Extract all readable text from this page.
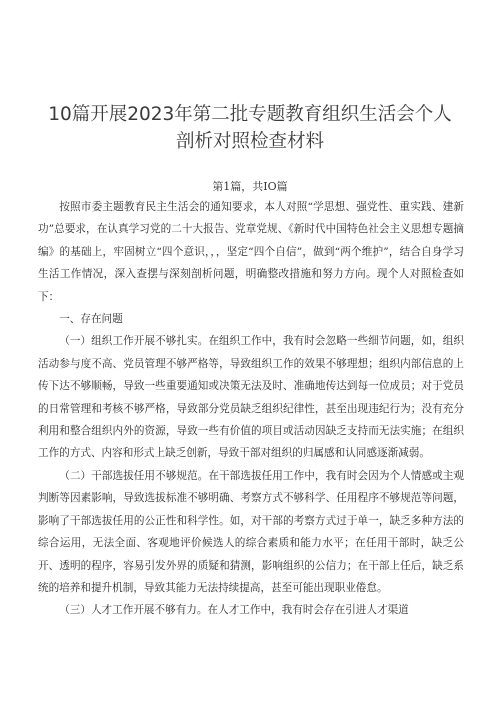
10篇开展2023年第二批专题教育组织生活会个人
剖析对照检查材料
第1篇，共IO篇

按照市委主题教育民主生活会的通知要求，本人对照“学思想、强党性、重实践、建新功”总要求，在认真学习党的二十大报告、党章党规、《新时代中国特色社会主义思想专题摘编》的基础上，牢固树立“四个意识，，，坚定“四个自信”，做到“两个维护”，结合自身学习生活工作情况，深入查摆与深刻剖析问题，明确整改措施和努力方向。现个人对照检查如下：

一、存在问题

（一）组织工作开展不够扎实。在组织工作中，我有时会忽略一些细节问题，如，组织活动参与度不高、党员管理不够严格等，导致组织工作的效果不够理想；组织内部信息的上传下达不够顺畅，导致一些重要通知或决策无法及时、准确地传达到每一位成员；对于党员的日常管理和考核不够严格，导致部分党员缺乏组织纪律性，甚至出现违纪行为；没有充分利用和整合组织内外的资源，导致一些有价值的项目或活动因缺乏支持而无法实施；在组织工作的方式、内容和形式上缺乏创新，导致干部对组织的归属感和认同感逐渐减弱。

（二）干部选拔任用不够规范。在干部选拔任用工作中，我有时会因为个人情感或主观判断等因素影响，导致选拔标准不够明确、考察方式不够科学、任用程序不够规范等问题，影响了干部选拔任用的公正性和科学性。如，对干部的考察方式过于单一，缺乏多种方法的综合运用，无法全面、客观地评价候选人的综合素质和能力水平；在任用干部时，缺乏公开、透明的程序，容易引发外界的质疑和猜测，影响组织的公信力；在干部上任后，缺乏系统的培养和提升机制，导致其能力无法持续提高，甚至可能出现职业倦怠。

（三）人才工作开展不够有力。在人才工作中，我有时会存在引进人才渠道
